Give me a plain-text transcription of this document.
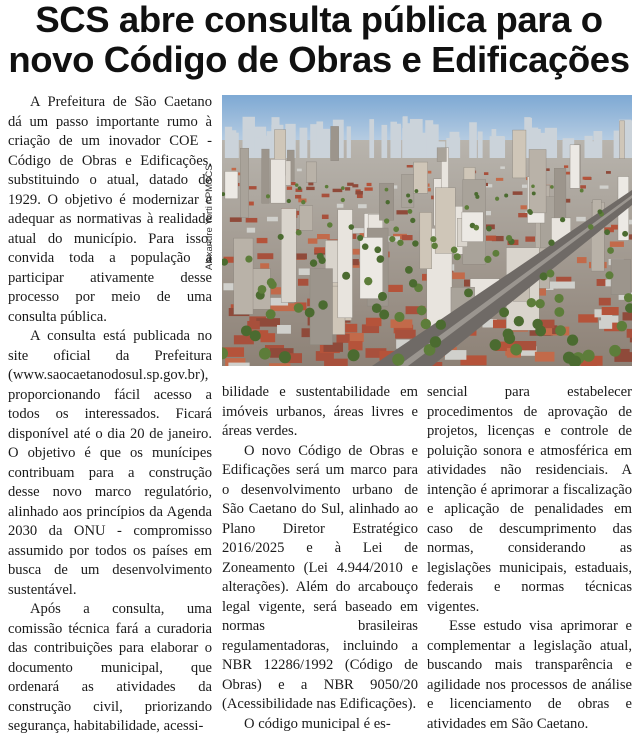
SCS abre consulta pública para o
novo Código de Obras e Edificações
Alexandre Yorti / PMSCS

A Prefeitura de São Caetano dá um passo importante rumo à criação de um inovador COE - Código de Obras e Edificações, substituindo o atual, datado de 1929. O objetivo é modernizar e adequar as normativas à realidade atual do município. Para isso, convida toda a população a participar ativamente desse processo por meio de uma consulta pública.

A consulta está publicada no site oficial da Prefeitura (www.saocaetanodosul.sp.gov.br), proporcionando fácil acesso a todos os interessados. Ficará disponível até o dia 20 de janeiro. O objetivo é que os munícipes contribuam para a construção desse novo marco regulatório, alinhado aos princípios da Agenda 2030 da ONU - compromisso assumido por todos os países em busca de um desenvolvimento sustentável.

Após a consulta, uma comissão técnica fará a curadoria das contribuições para elaborar o documento municipal, que ordenará as atividades da construção civil, priorizando segurança, habitabilidade, acessi-

bilidade e sustentabilidade em imóveis urbanos, áreas livres e áreas verdes.

O novo Código de Obras e Edificações será um marco para o desenvolvimento urbano de São Caetano do Sul, alinhado ao Plano Diretor Estratégico 2016/2025 e à Lei de Zoneamento (Lei 4.944/2010 e alterações). Além do arcabouço legal vigente, será baseado em normas brasileiras regulamentadoras, incluindo a NBR 12286/1992 (Código de Obras) e a NBR 9050/20 (Acessibilidade nas Edificações).

O código municipal é es-

sencial para estabelecer procedimentos de aprovação de projetos, licenças e controle de poluição sonora e atmosférica em atividades não residenciais. A intenção é aprimorar a fiscalização e aplicação de penalidades em caso de descumprimento das normas, considerando as legislações municipais, estaduais, federais e normas técnicas vigentes.

Esse estudo visa aprimorar e complementar a legislação atual, buscando mais transparência e agilidade nos processos de análise e licenciamento de obras e atividades em São Caetano.
